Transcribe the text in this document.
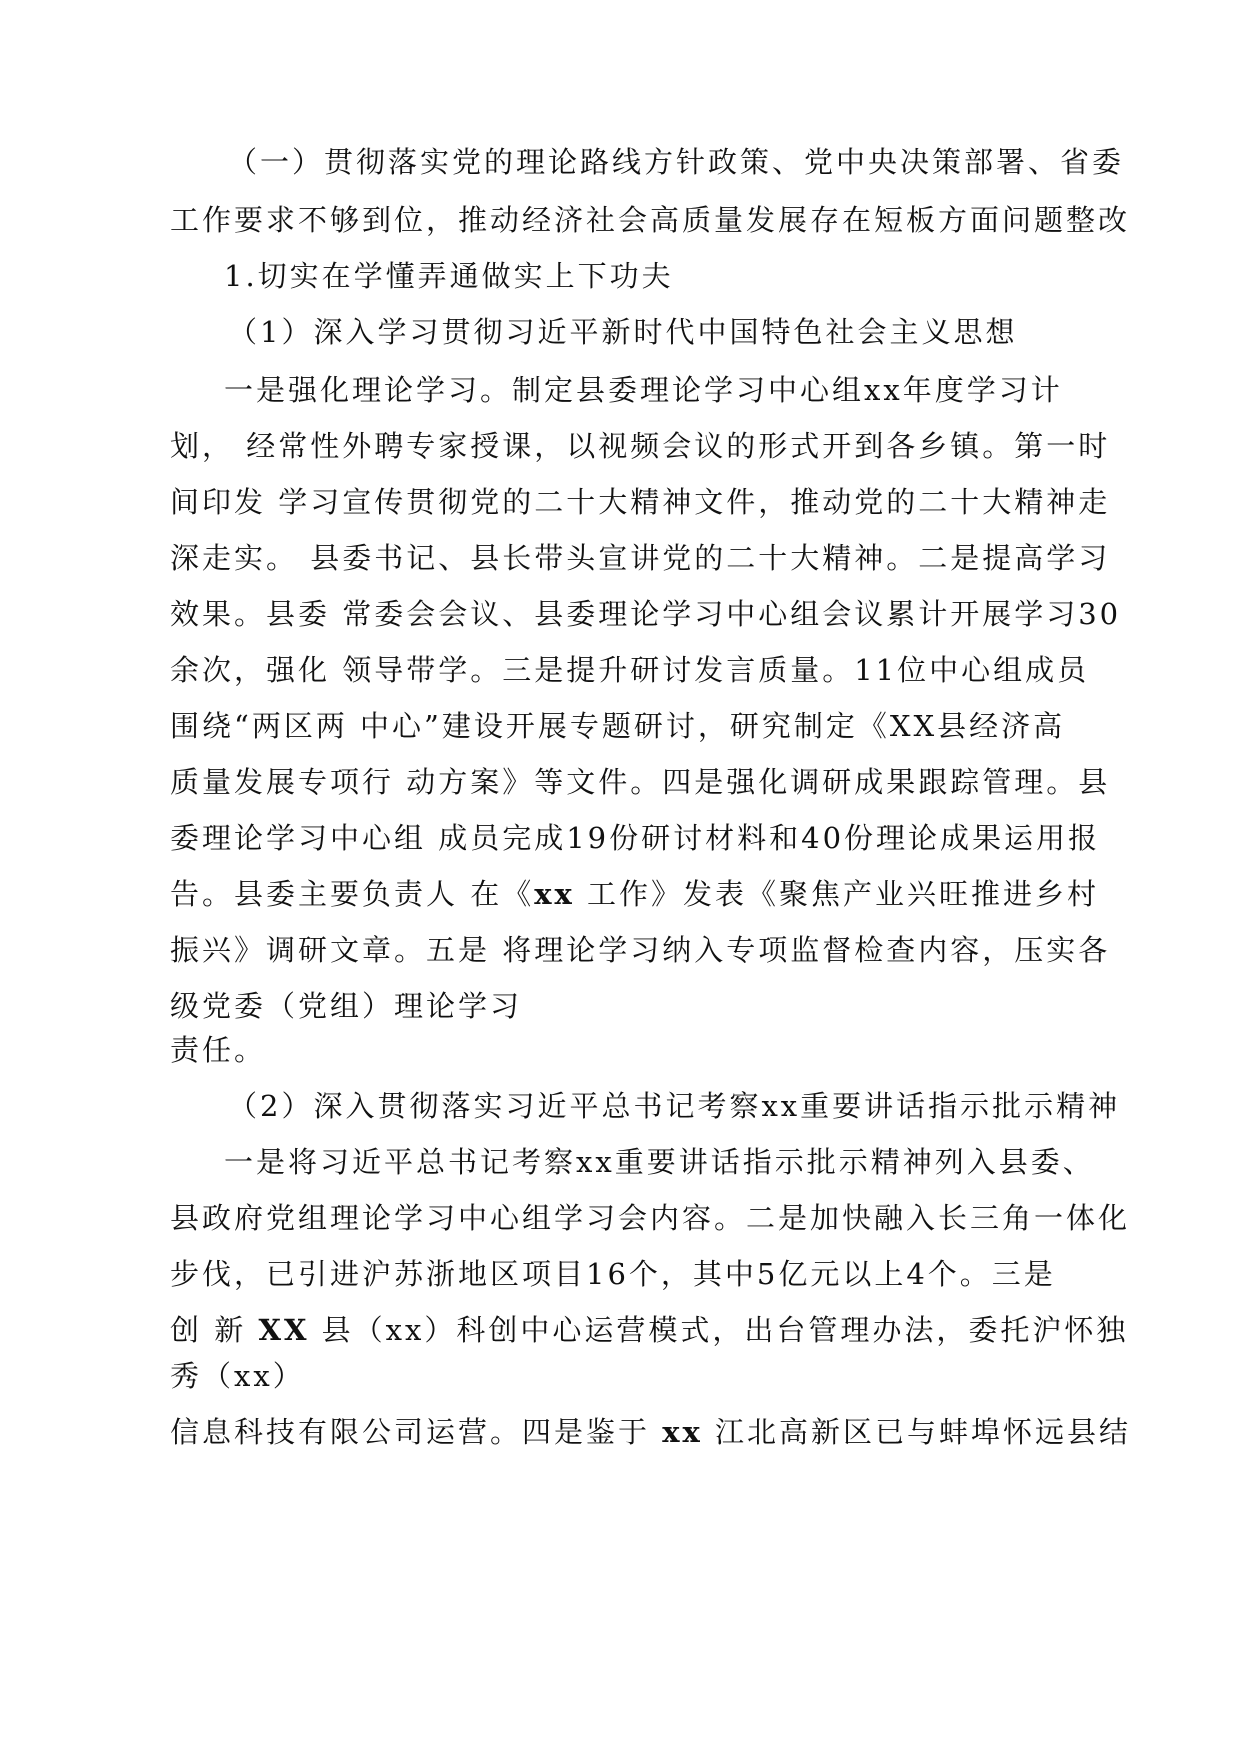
（一）贯彻落实党的理论路线方针政策、党中央决策部署、省委
工作要求不够到位，推动经济社会高质量发展存在短板方面问题整改
1.切实在学懂弄通做实上下功夫
（1）深入学习贯彻习近平新时代中国特色社会主义思想
一是强化理论学习。制定县委理论学习中心组xx年度学习计
划， 经常性外聘专家授课，以视频会议的形式开到各乡镇。第一时
间印发 学习宣传贯彻党的二十大精神文件，推动党的二十大精神走
深走实。 县委书记、县长带头宣讲党的二十大精神。二是提高学习
效果。县委 常委会会议、县委理论学习中心组会议累计开展学习30
余次，强化 领导带学。三是提升研讨发言质量。11位中心组成员
围绕“两区两 中心”建设开展专题研讨，研究制定《XX县经济高
质量发展专项行 动方案》等文件。四是强化调研成果跟踪管理。县
委理论学习中心组 成员完成19份研讨材料和40份理论成果运用报
告。县委主要负责人 在《xx 工作》发表《聚焦产业兴旺推进乡村
振兴》调研文章。五是 将理论学习纳入专项监督检查内容，压实各
级党委（党组）理论学习
责任。
（2）深入贯彻落实习近平总书记考察xx重要讲话指示批示精神
一是将习近平总书记考察xx重要讲话指示批示精神列入县委、
县政府党组理论学习中心组学习会内容。二是加快融入长三角一体化
步伐，已引进沪苏浙地区项目16个，其中5亿元以上4个。三是
创 新 XX 县（xx）科创中心运营模式，出台管理办法，委托沪怀独
秀（xx）
信息科技有限公司运营。四是鉴于 xx 江北高新区已与蚌埠怀远县结
